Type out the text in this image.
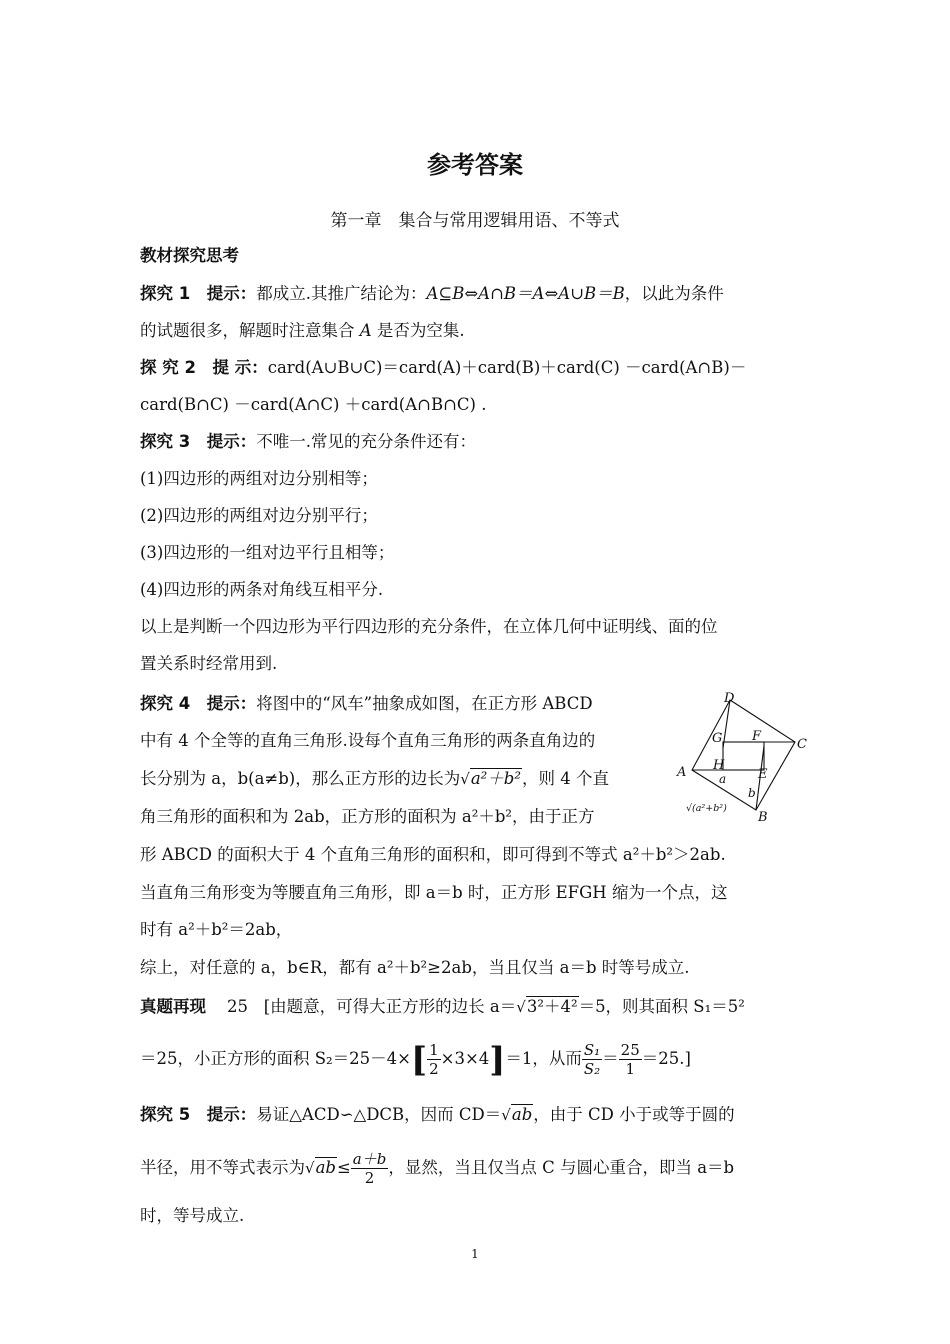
参考答案
第一章　集合与常用逻辑用语、不等式
教材探究思考
探究 1　提示：都成立.其推广结论为：A⊆B⇔A∩B＝A⇔A∪B＝B，以此为条件
的试题很多，解题时注意集合 A 是否为空集.
探 究 2　提 示：card(A∪B∪C)＝card(A)＋card(B)＋card(C) －card(A∩B)－
card(B∩C) －card(A∩C) ＋card(A∩B∩C) .
探究 3　提示：不唯一.常见的充分条件还有：
(1)四边形的两组对边分别相等；
(2)四边形的两组对边分别平行；
(3)四边形的一组对边平行且相等；
(4)四边形的两条对角线互相平分.
以上是判断一个四边形为平行四边形的充分条件，在立体几何中证明线、面的位
置关系时经常用到.
探究 4　提示：将图中的“风车”抽象成如图，在正方形 ABCD
中有 4 个全等的直角三角形.设每个直角三角形的两条直角边的
长分别为 a，b(a≠b)，那么正方形的边长为√a²＋b²，则 4 个直
角三角形的面积和为 2ab，正方形的面积为 a²＋b²，由于正方
形 ABCD 的面积大于 4 个直角三角形的面积和，即可得到不等式 a²＋b²＞2ab.
当直角三角形变为等腰直角三角形，即 a＝b 时，正方形 EFGH 缩为一个点，这
时有 a²＋b²＝2ab，
综上，对任意的 a，b∈R，都有 a²＋b²≥2ab，当且仅当 a＝b 时等号成立.
D
G F
C
A H
a E
b
B
√(a²+b²)
真题再现 25 [由题意，可得大正方形的边长 a＝√3²＋4²＝5，则其面积 S₁＝5²
＝25，小正方形的面积 $S_2=25-4\times[ \frac{1}{2} \times 3\times 4]=1$，从而 $\frac{\text{S₁}}{\text{S₂}} = \frac{25}{1} =25$.]
探究 5　提示：易证△ACD∽△DCB，因而 CD＝√ab，由于 CD 小于或等于圆的
半径，用不等式表示为$√ab\le \frac{a+b}{2}$ ，显然，当且仅当点 C 与圆心重合，即当 a＝b
时，等号成立.
1
